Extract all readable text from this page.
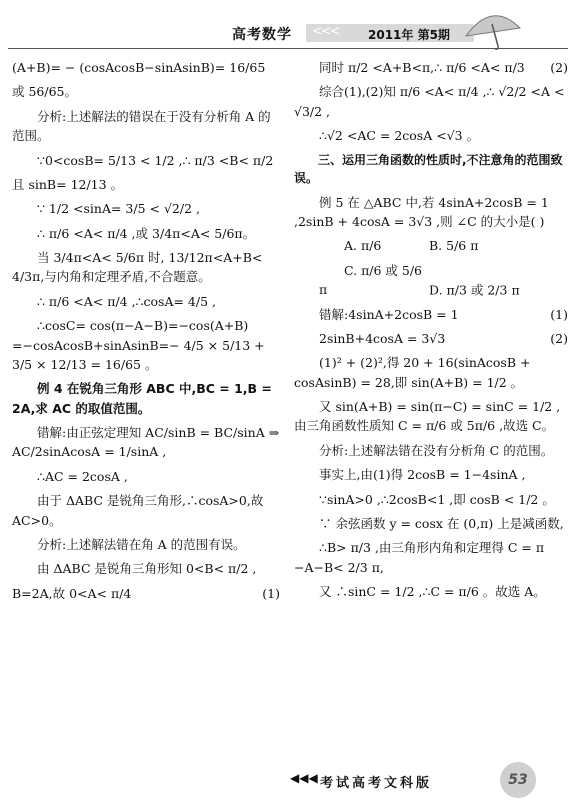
高考数学 <<< 2011年 第5期

(A+B)= − (cosAcosB−sinAsinB)= 16/65

或 56/65。

分析:上述解法的错误在于没有分析角 A 的范围。

∵0<cosB= 5/13 < 1/2 ,∴ π/3 <B< π/2

且 sinB= 12/13 。

∵ 1/2 <sinA= 3/5 < √2/2 ,

∴ π/6 <A< π/4 ,或 3/4π<A< 5/6π。

当 3/4π<A< 5/6π 时, 13/12π<A+B< 4/3π,与内角和定理矛盾,不合题意。

∴ π/6 <A< π/4 ,∴cosA= 4/5 ,

∴cosC= cos(π−A−B)=−cos(A+B) =−cosAcosB+sinAsinB=− 4/5 × 5/13 + 3/5 × 12/13 = 16/65 。

例 4 在锐角三角形 ABC 中,BC = 1,B = 2A,求 AC 的取值范围。

错解:由正弦定理知 AC/sinB = BC/sinA ⇒ AC/2sinAcosA = 1/sinA ,

∴AC = 2cosA ,

由于 ΔABC 是锐角三角形,∴cosA>0,故 AC>0。

分析:上述解法错在角 A 的范围有误。

由 ΔABC 是锐角三角形知 0<B< π/2 ,

B=2A,故 0<A< π/4	(1)

同时 π/2 <A+B<π,∴ π/6 <A< π/3	(2)

综合(1),(2)知 π/6 <A< π/4 ,∴ √2/2 <A < √3/2 ,

∴√2 <AC = 2cosA <√3 。

三、运用三角函数的性质时,不注意角的范围致误。

例 5 在 △ABC 中,若 4sinA+2cosB = 1 ,2sinB + 4cosA = 3√3 ,则 ∠C 的大小是( )

A. π/6	B. 5/6 π

C. π/6 或 5/6 π	D. π/3 或 2/3 π

错解:4sinA+2cosB = 1	(1)

2sinB+4cosA = 3√3	(2)

(1)² + (2)²,得 20 + 16(sinAcosB + cosAsinB) = 28,即 sin(A+B) = 1/2 。

又 sin(A+B) = sin(π−C) = sinC = 1/2 ,由三角函数性质知 C = π/6 或 5π/6 ,故选 C。

分析:上述解法错在没有分析角 C 的范围。

事实上,由(1)得 2cosB = 1−4sinA ,

∵sinA>0 ,∴2cosB<1 ,即 cosB < 1/2 。

∵ 余弦函数 y = cosx 在 (0,π) 上是减函数,

∴B> π/3 ,由三角形内角和定理得 C = π −A−B< 2/3 π,

又 ∴sinC = 1/2 ,∴C = π/6 。故选 A。

◀◀◀ 考试高考文科版	53
